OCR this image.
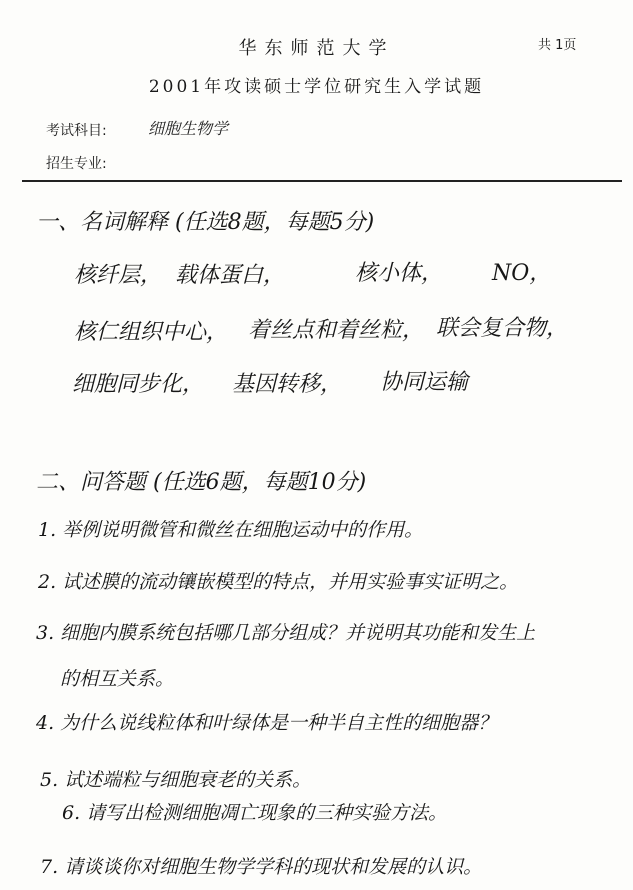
华东师范大学	共 1页
2001年攻读硕士学位研究生入学试题
考试科目:	细胞生物学
招生专业:
一、名词解释 (任选8题，每题5分)
核纤层， 载体蛋白，	核小体， NO，
核仁组织中心， 着丝点和着丝粒， 联会复合物，
细胞同步化， 基因转移， 协同运输
二、问答题 (任选6题，每题10分)
1. 举例说明微管和微丝在细胞运动中的作用。
2. 试述膜的流动镶嵌模型的特点，并用实验事实证明之。
3. 细胞内膜系统包括哪几部分组成？并说明其功能和发生上
的相互关系。
4. 为什么说线粒体和叶绿体是一种半自主性的细胞器？
5. 试述端粒与细胞衰老的关系。
6. 请写出检测细胞凋亡现象的三种实验方法。
7. 请谈谈你对细胞生物学学科的现状和发展的认识。
